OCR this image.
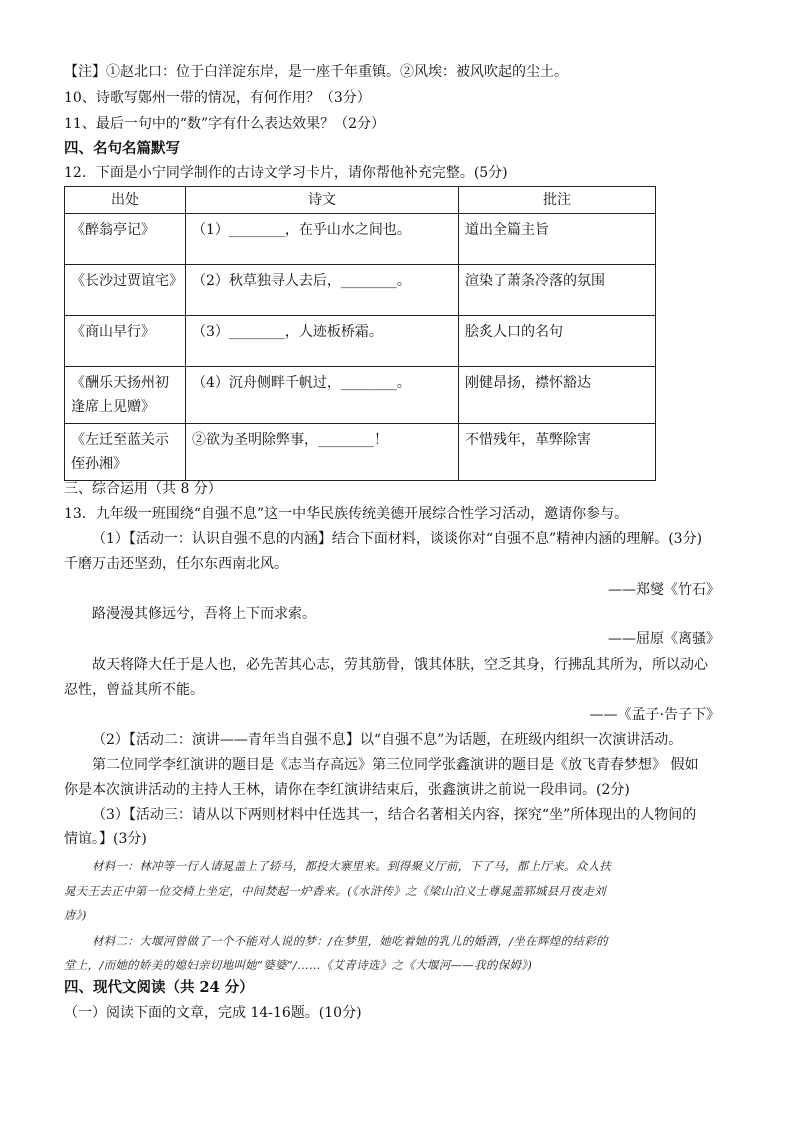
【注】①赵北口：位于白洋淀东岸，是一座千年重镇。②风埃：被风吹起的尘土。
10、诗歌写鄚州一带的情况，有何作用？（3分）
11、最后一句中的“数”字有什么表达效果？（2分）
四、名句名篇默写
12．下面是小宁同学制作的古诗文学习卡片，请你帮他补充完整。(5分)
出处	诗文	批注
《醉翁亭记》	（1）________，在乎山水之间也。	道出全篇主旨
《长沙过贾谊宅》	（2）秋草独寻人去后，________。	渲染了萧条冷落的氛围
《商山早行》	（3）________，人迹板桥霜。	脍炙人口的名句

《酬乐天扬州初
逢席上见赠》	（4）沉舟侧畔千帆过，________。	刚健昂扬，襟怀豁达

《左迁至蓝关示
侄孙湘》	②欲为圣明除弊事，________！	不惜残年，革弊除害
三、综合运用（共 8 分）
13．九年级一班围绕“自强不息”这一中华民族传统美德开展综合性学习活动，邀请你参与。
（1）【活动一：认识自强不息的内涵】结合下面材料，谈谈你对“自强不息”精神内涵的理解。(3分)
千磨万击还坚劲，任尔东西南北风。
——郑燮《竹石》
路漫漫其修远兮，吾将上下而求索。
——屈原《离骚》
故天将降大任于是人也，必先苦其心志，劳其筋骨，饿其体肤，空乏其身，行拂乱其所为，所以动心
忍性，曾益其所不能。
——《孟子·告子下》
（2）【活动二：演讲——青年当自强不息】以“自强不息”为话题，在班级内组织一次演讲活动。
第二位同学李红演讲的题目是《志当存高远》第三位同学张鑫演讲的题目是《放飞青春梦想》 假如
你是本次演讲活动的主持人王林，请你在李红演讲结束后，张鑫演讲之前说一段串词。(2分)
（3）【活动三：请从以下两则材料中任选其一，结合名著相关内容，探究“坐”所体现出的人物间的
情谊。】(3分)
材料一：林冲等一行人请晁盖上了轿马，都投大寨里来。到得聚义厅前，下了马，都上厅来。众人扶
晁天王去正中第一位交椅上坐定，中间焚起一炉香来。(《水浒传》之《梁山泊义士尊晁盖郓城县月夜走刘
唐》)
材料二：大堰河曾做了一个不能对人说的梦：/在梦里，她吃着她的乳儿的婚酒，/坐在辉煌的结彩的
堂上，/而她的娇美的媳妇亲切地叫她“婆婆”/……《艾青诗选》之《大堰河——我的保姆》)
四、现代文阅读（共 24 分）
（一）阅读下面的文章，完成 14-16题。(10分)
